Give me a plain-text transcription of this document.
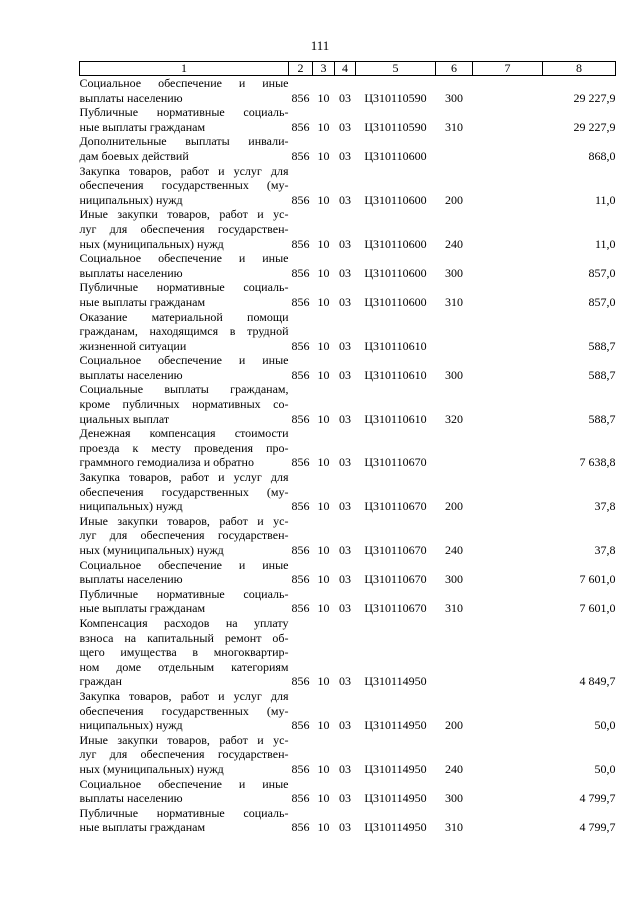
111
1	2	3	4	5	6	7	8

Социальное обеспечение и иные
выплаты населению	856	10	03	Ц310110590	300		29 227,9

Публичные нормативные социаль-
ные выплаты гражданам	856	10	03	Ц310110590	310		29 227,9

Дополнительные выплаты инвали-
дам боевых действий	856	10	03	Ц310110600			868,0

Закупка товаров, работ и услуг для
обеспечения государственных (му-
ниципальных) нужд	856	10	03	Ц310110600	200		11,0

Иные закупки товаров, работ и ус-
луг для обеспечения государствен-
ных (муниципальных) нужд	856	10	03	Ц310110600	240		11,0

Социальное обеспечение и иные
выплаты населению	856	10	03	Ц310110600	300		857,0

Публичные нормативные социаль-
ные выплаты гражданам	856	10	03	Ц310110600	310		857,0

Оказание материальной помощи
гражданам, находящимся в трудной
жизненной ситуации	856	10	03	Ц310110610			588,7

Социальное обеспечение и иные
выплаты населению	856	10	03	Ц310110610	300		588,7

Социальные выплаты гражданам,
кроме публичных нормативных со-
циальных выплат	856	10	03	Ц310110610	320		588,7

Денежная компенсация стоимости
проезда к месту проведения про-
граммного гемодиализа и обратно	856	10	03	Ц310110670			7 638,8

Закупка товаров, работ и услуг для
обеспечения государственных (му-
ниципальных) нужд	856	10	03	Ц310110670	200		37,8

Иные закупки товаров, работ и ус-
луг для обеспечения государствен-
ных (муниципальных) нужд	856	10	03	Ц310110670	240		37,8

Социальное обеспечение и иные
выплаты населению	856	10	03	Ц310110670	300		7 601,0

Публичные нормативные социаль-
ные выплаты гражданам	856	10	03	Ц310110670	310		7 601,0

Компенсация расходов на уплату
взноса на капитальный ремонт об-
щего имущества в многоквартир-
ном доме отдельным категориям
граждан	856	10	03	Ц310114950			4 849,7

Закупка товаров, работ и услуг для
обеспечения государственных (му-
ниципальных) нужд	856	10	03	Ц310114950	200		50,0

Иные закупки товаров, работ и ус-
луг для обеспечения государствен-
ных (муниципальных) нужд	856	10	03	Ц310114950	240		50,0

Социальное обеспечение и иные
выплаты населению	856	10	03	Ц310114950	300		4 799,7

Публичные нормативные социаль-
ные выплаты гражданам	856	10	03	Ц310114950	310		4 799,7
